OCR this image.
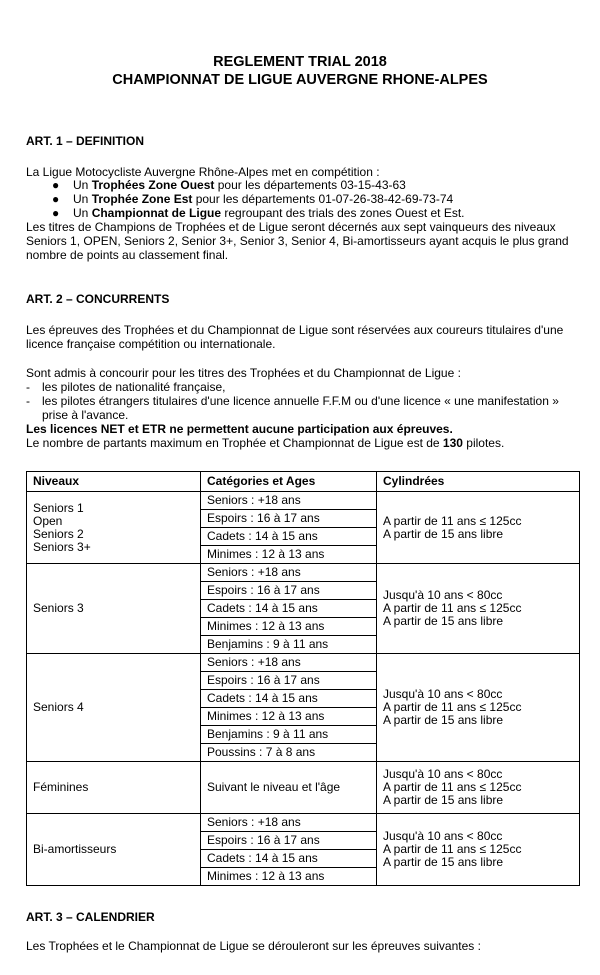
REGLEMENT TRIAL 2018
CHAMPIONNAT DE LIGUE AUVERGNE RHONE-ALPES
ART. 1 – DEFINITION
La Ligue Motocycliste Auvergne Rhône-Alpes met en compétition :
● Un Trophées Zone Ouest pour les départements 03-15-43-63
● Un Trophée Zone Est pour les départements 01-07-26-38-42-69-73-74
● Un Championnat de Ligue regroupant des trials des zones Ouest et Est.
Les titres de Champions de Trophées et de Ligue seront décernés aux sept vainqueurs des niveaux
Seniors 1, OPEN, Seniors 2, Senior 3+, Senior 3, Senior 4, Bi-amortisseurs ayant acquis le plus grand
nombre de points au classement final.
ART. 2 – CONCURRENTS
Les épreuves des Trophées et du Championnat de Ligue sont réservées aux coureurs titulaires d'une
licence française compétition ou internationale.
Sont admis à concourir pour les titres des Trophées et du Championnat de Ligue :
- les pilotes de nationalité française,
- les pilotes étrangers titulaires d'une licence annuelle F.F.M ou d'une licence « une manifestation »
prise à l'avance.
Les licences NET et ETR ne permettent aucune participation aux épreuves.
Le nombre de partants maximum en Trophée et Championnat de Ligue est de 130 pilotes.
Niveaux	Catégories et Ages	Cylindrées

Seniors 1
Open
Seniors 2
Seniors 3+	Seniors : +18 ans	A partir de 11 ans ≤ 125cc
A partir de 15 ans libre

	Espoirs : 16 à 17 ans	
	Cadets : 14 à 15 ans	
	Minimes : 12 à 13 ans	
Seniors 3	Seniors : +18 ans	Jusqu'à 10 ans < 80cc
A partir de 11 ans ≤ 125cc
A partir de 15 ans libre

	Espoirs : 16 à 17 ans	
	Cadets : 14 à 15 ans	
	Minimes : 12 à 13 ans	
	Benjamins : 9 à 11 ans	
Seniors 4	Seniors : +18 ans	Jusqu'à 10 ans < 80cc
A partir de 11 ans ≤ 125cc
A partir de 15 ans libre

	Espoirs : 16 à 17 ans	
	Cadets : 14 à 15 ans	
	Minimes : 12 à 13 ans	
	Benjamins : 9 à 11 ans	
	Poussins : 7 à 8 ans	
Féminines	Suivant le niveau et l'âge	Jusqu'à 10 ans < 80cc
A partir de 11 ans ≤ 125cc
A partir de 15 ans libre

Bi-amortisseurs	Seniors : +18 ans	Jusqu'à 10 ans < 80cc
A partir de 11 ans ≤ 125cc
A partir de 15 ans libre

	Espoirs : 16 à 17 ans	
	Cadets : 14 à 15 ans	
	Minimes : 12 à 13 ans	
ART. 3 – CALENDRIER
Les Trophées et le Championnat de Ligue se dérouleront sur les épreuves suivantes :
